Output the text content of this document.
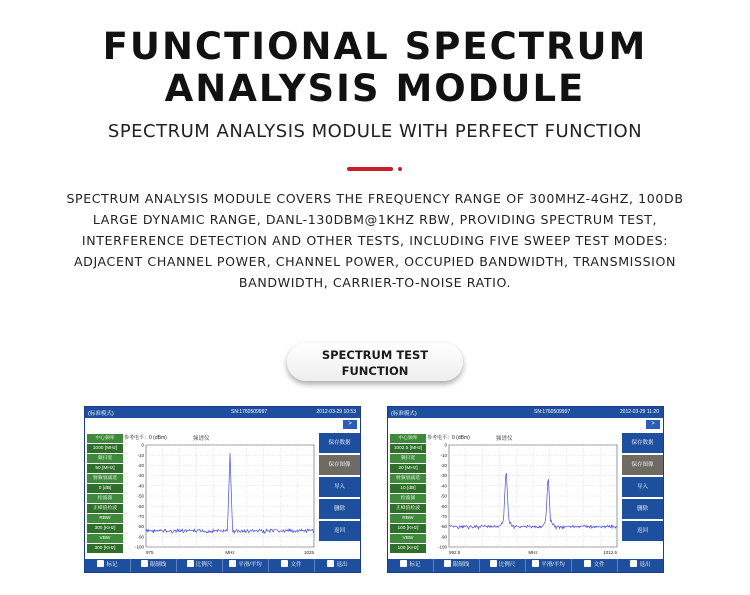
FUNCTIONAL SPECTRUM
ANALYSIS MODULE
SPECTRUM ANALYSIS MODULE WITH PERFECT FUNCTION
SPECTRUM ANALYSIS MODULE COVERS THE FREQUENCY RANGE OF 300MHZ-4GHZ, 100DB LARGE DYNAMIC RANGE, DANL-130DBM@1KHZ RBW, PROVIDING SPECTRUM TEST, INTERFERENCE DETECTION AND OTHER TESTS, INCLUDING FIVE SWEEP TEST MODES: ADJACENT CHANNEL POWER, CHANNEL POWER, OCCUPIED BANDWIDTH, TRANSMISSION BANDWIDTH, CARRIER-TO-NOISE RATIO.
SPECTRUM TEST
FUNCTION
(标准模式)	SN:1760509997	2012-03-29 10:53
>
中心频率
1000 [MHz]
频扫宽
50 [MHz]
射频衰减选
0 [dB]
检波器
正峰值检波
RBW
300 [KHz]
VBW
300 [KHz]
参考电平：0 (dBm)	频谱仪
0
-10
-20
-30
-40
-50
-60
-70
-80
-90
-100
975	MHz	1025
保存数据
保存图像
导入
删除
返回
标记	限制线	比例尺	平滑/平均	文件	退出
(标准模式)	SN:1760509997	2012-03-29 11:20
>
中心频率
1002.5 [MHz]
频扫宽
20 [MHz]
射频衰减选
10 [dB]
检波器
正峰值检波
RBW
100 [KHz]
VBW
100 [KHz]
参考电平：0 (dBm)	频谱仪
0
-10
-20
-30
-40
-50
-60
-70
-80
-90
-100
992.5	MHz	1012.5
保存数据
保存图像
导入
删除
返回
标记	限制线	比例尺	平滑/平均	文件	退出
